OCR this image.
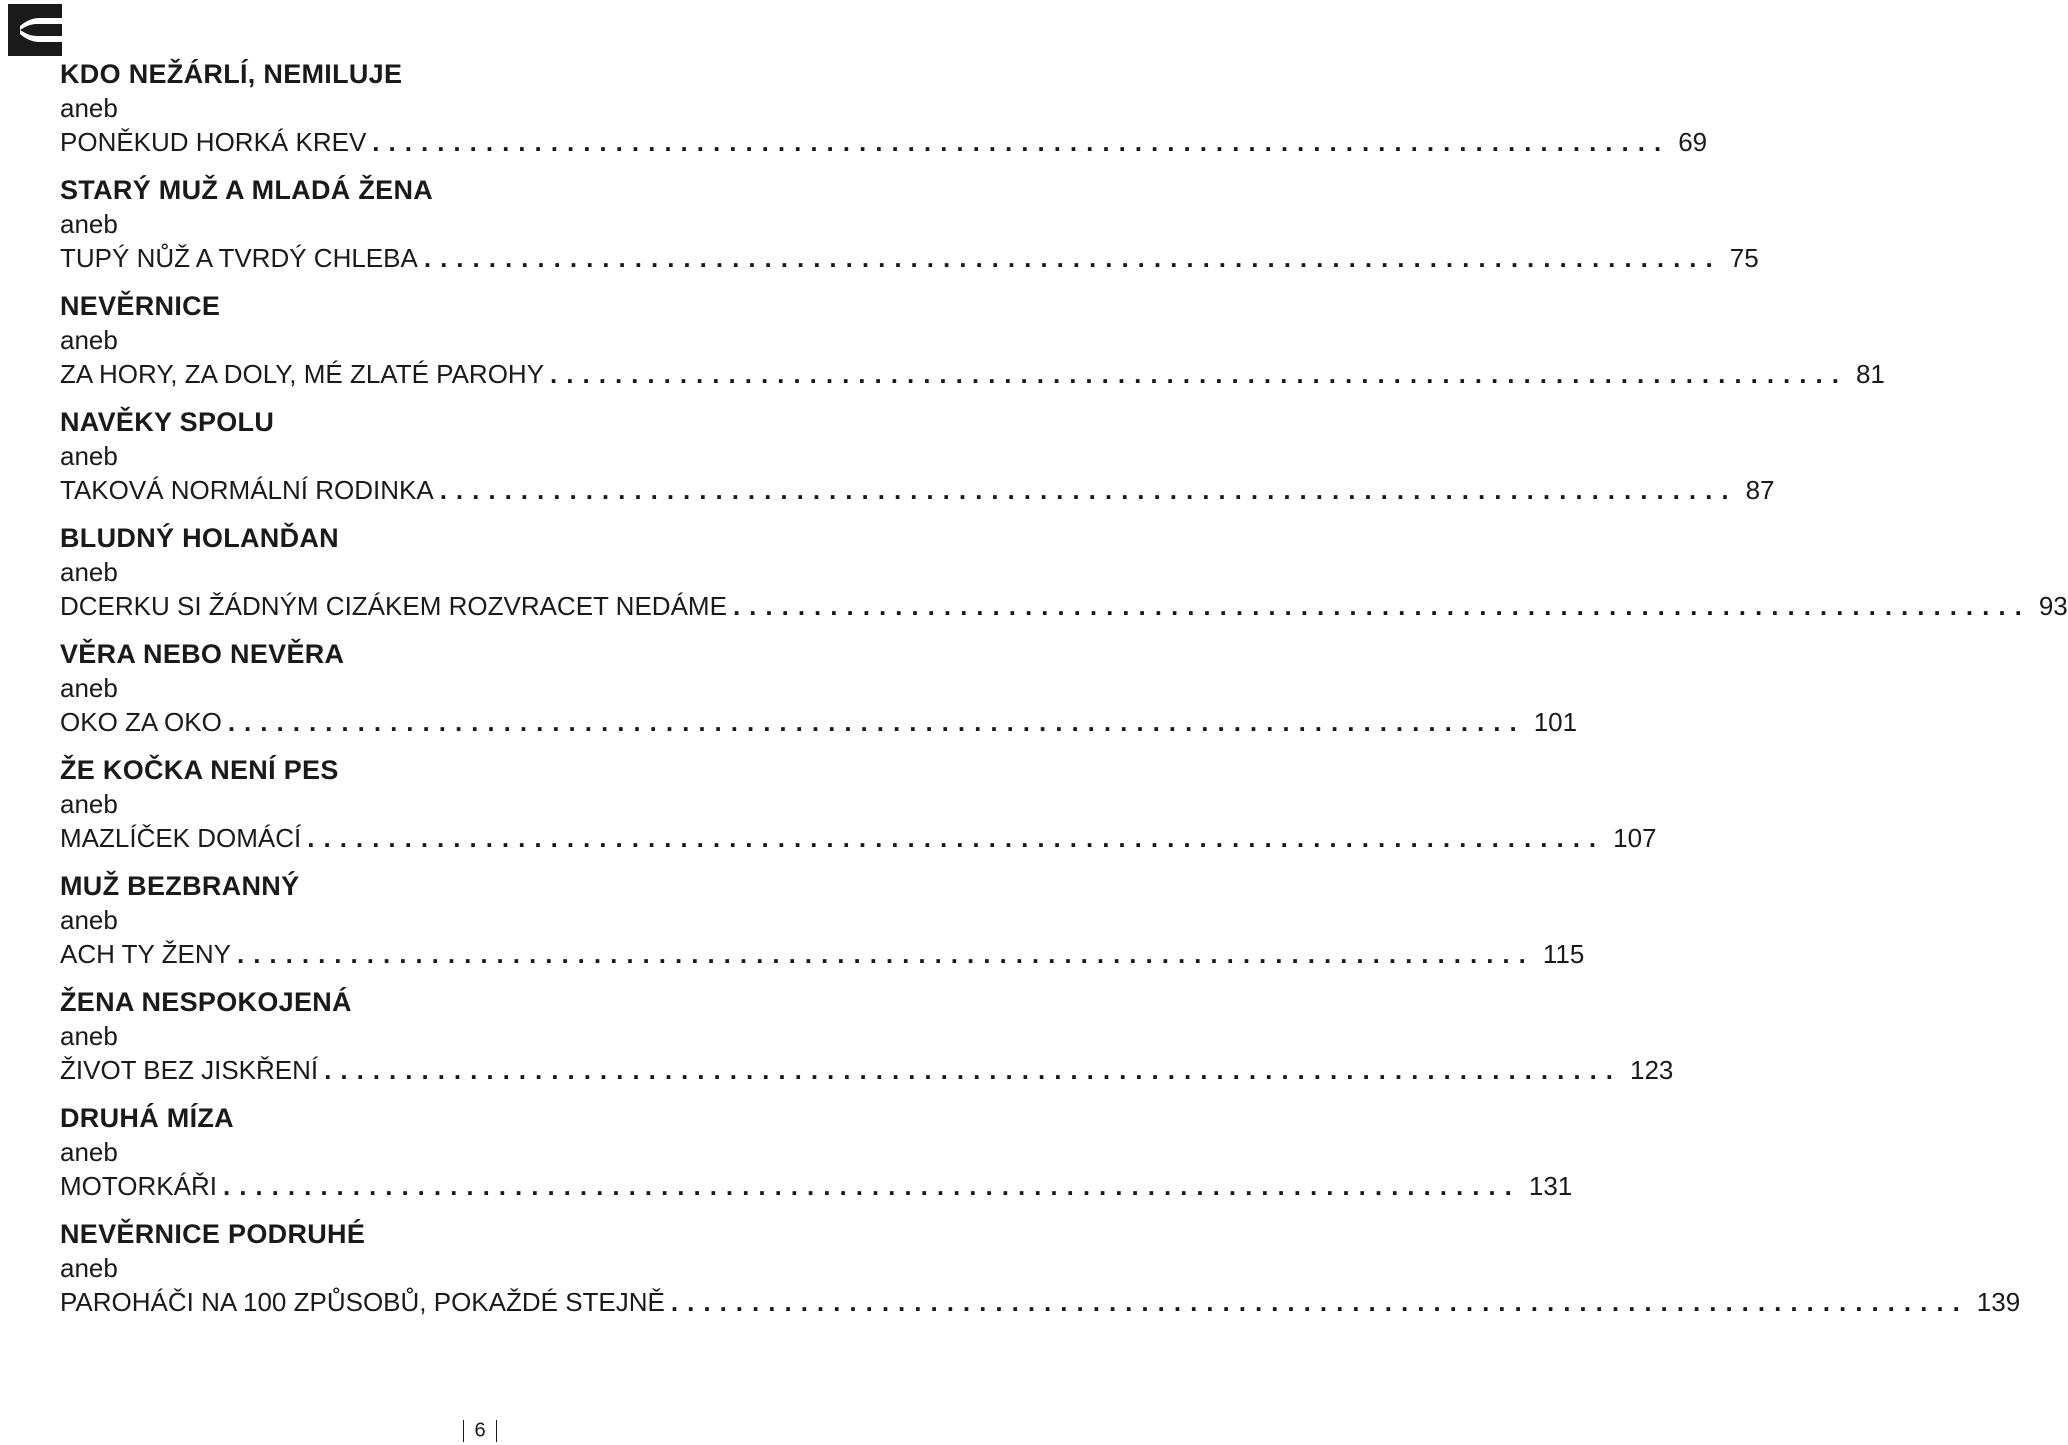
KDO NEŽÁRLÍ, NEMILUJE
aneb
PONĚKUD HORKÁ KREV ................................................................................ 69
STARÝ MUŽ A MLADÁ ŽENA
aneb
TUPÝ NŮŽ A TVRDÝ CHLEBA ................................................................................ 75
NEVĚRNICE
aneb
ZA HORY, ZA DOLY, MÉ ZLATÉ PAROHY ................................................................................ 81
NAVĚKY SPOLU
aneb
TAKOVÁ NORMÁLNÍ RODINKA ................................................................................ 87
BLUDNÝ HOLANĎAN
aneb
DCERKU SI ŽÁDNÝM CIZÁKEM ROZVRACET NEDÁME ................................................................................ 93
VĚRA NEBO NEVĚRA
aneb
OKO ZA OKO ................................................................................ 101
ŽE KOČKA NENÍ PES
aneb
MAZLÍČEK DOMÁCÍ ................................................................................ 107
MUŽ BEZBRANNÝ
aneb
ACH TY ŽENY ................................................................................ 115
ŽENA NESPOKOJENÁ
aneb
ŽIVOT BEZ JISKŘENÍ ................................................................................ 123
DRUHÁ MÍZA
aneb
MOTORKÁŘI ................................................................................ 131
NEVĚRNICE PODRUHÉ
aneb
PAROHÁČI NA 100 ZPŮSOBŮ, POKAŽDÉ STEJNĚ ................................................................................ 139
6
